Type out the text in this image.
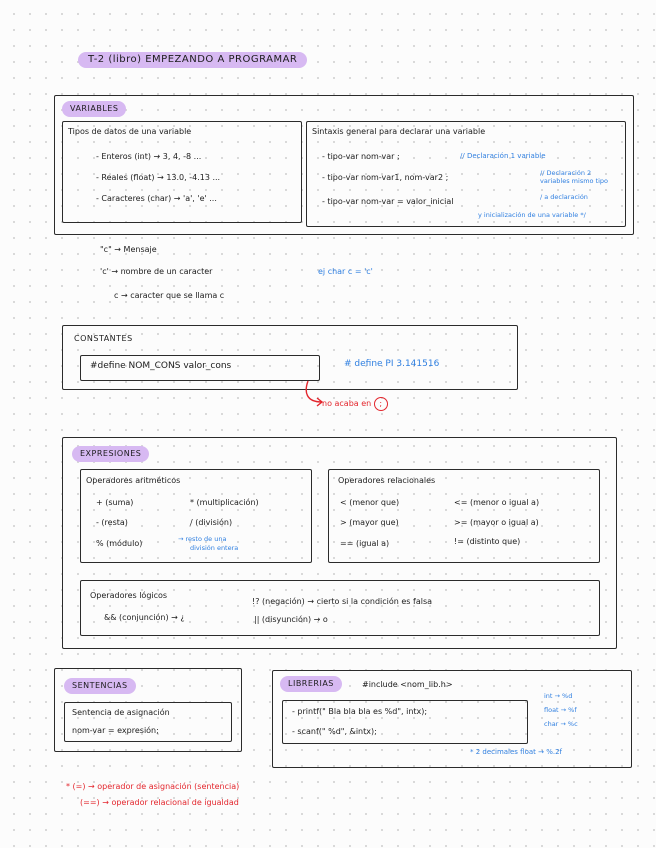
T-2 (libro) EMPEZANDO A PROGRAMAR
VARIABLES
Tipos de datos de una variable
- Enteros (int) → 3, 4, -8 ...
- Reales (float) → 13.0, -4.13 ...
- Caracteres (char) → 'a', 'e' ...
Sintaxis general para declarar una variable
- tipo-var nom-var ;	// Declaración 1 variable
- tipo-var nom-var1, nom-var2 ;	// Declaración 2
variables mismo tipo
- tipo-var nom-var = valor_inicial	/ a declaración
y inicialización de una variable */
"c" → Mensaje
'c' → nombre de un caracter	ej char c = 'c'
c → caracter que se llama c
CONSTANTES
#define NOM_CONS valor_cons	# define PI 3.141516
no acaba en ;
EXPRESIONES
Operadores aritméticos
+ (suma)	* (multiplicación)
- (resta)	/ (división)
% (módulo)	→ resto de una
división entera
Operadores relacionales
< (menor que)	<= (menor o igual a)
> (mayor que)	>= (mayor o igual a)
== (igual a)	!= (distinto que)
Operadores lógicos
&& (conjunción) → ¿
!? (negación) → cierto si la condición es falsa
|| (disyunción) → o
SENTENCIAS
Sentencia de asignación
nom-var = expresión;
LIBRERIAS	#include <nom_lib.h>
- printf(" Bla bla bla es %d", intx);
- scanf(" %d", &intx);
int → %d
float → %f
char → %c
* 2 decimales float → %.2f
* (=) → operador de asignación (sentencia)
(==) → operador relacional de igualdad
